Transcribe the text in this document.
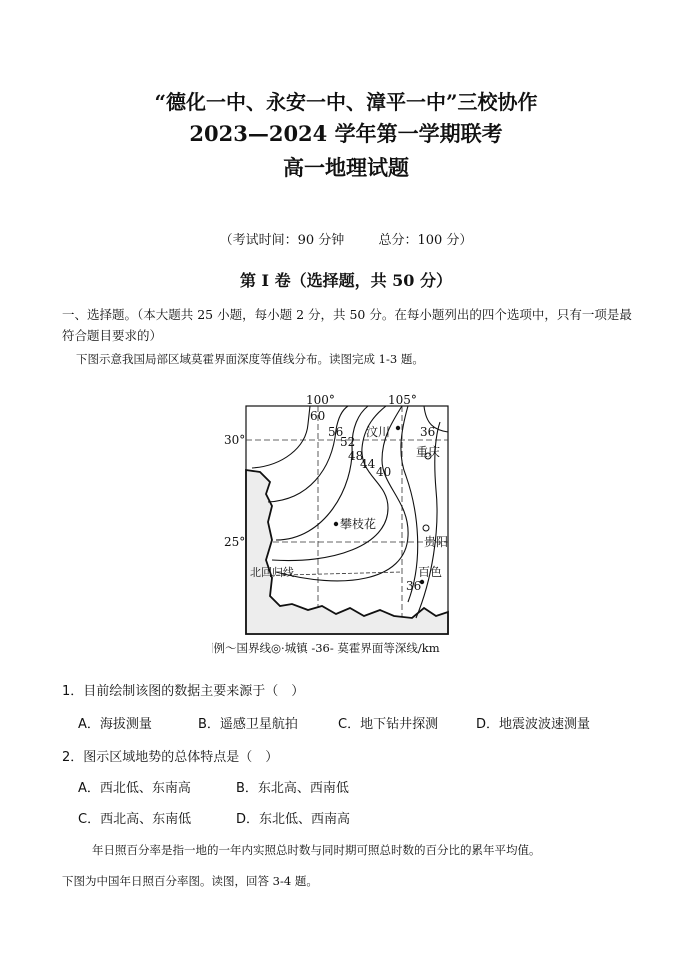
“德化一中、永安一中、漳平一中”三校协作
2023—2024 学年第一学期联考
高一地理试题
（考试时间：90 分钟	总分：100 分）
第 I 卷（选择题，共 50 分）
一、选择题。（本大题共 25 小题，每小题 2 分，共 50 分。在每小题列出的四个选项中，只有一项是最符合题目要求的）
下图示意我国局部区域莫霍界面深度等值线分布。读图完成 1-3 题。
100°	105°
30°
25°
60
56
52
48
44
40
36
36
汶川
重庆
攀枝花
贵阳
百色
北回归线
图例～国界线◎·城镇 -36- 莫霍界面等深线/km
1．目前绘制该图的数据主要来源于（　）
A．海拔测量	B．遥感卫星航拍	C．地下钻井探测	D．地震波波速测量
2．图示区域地势的总体特点是（　）
A．西北低、东南高	B．东北高、西南低
C．西北高、东南低	D．东北低、西南高
年日照百分率是指一地的一年内实照总时数与同时期可照总时数的百分比的累年平均值。
下图为中国年日照百分率图。读图，回答 3-4 题。
